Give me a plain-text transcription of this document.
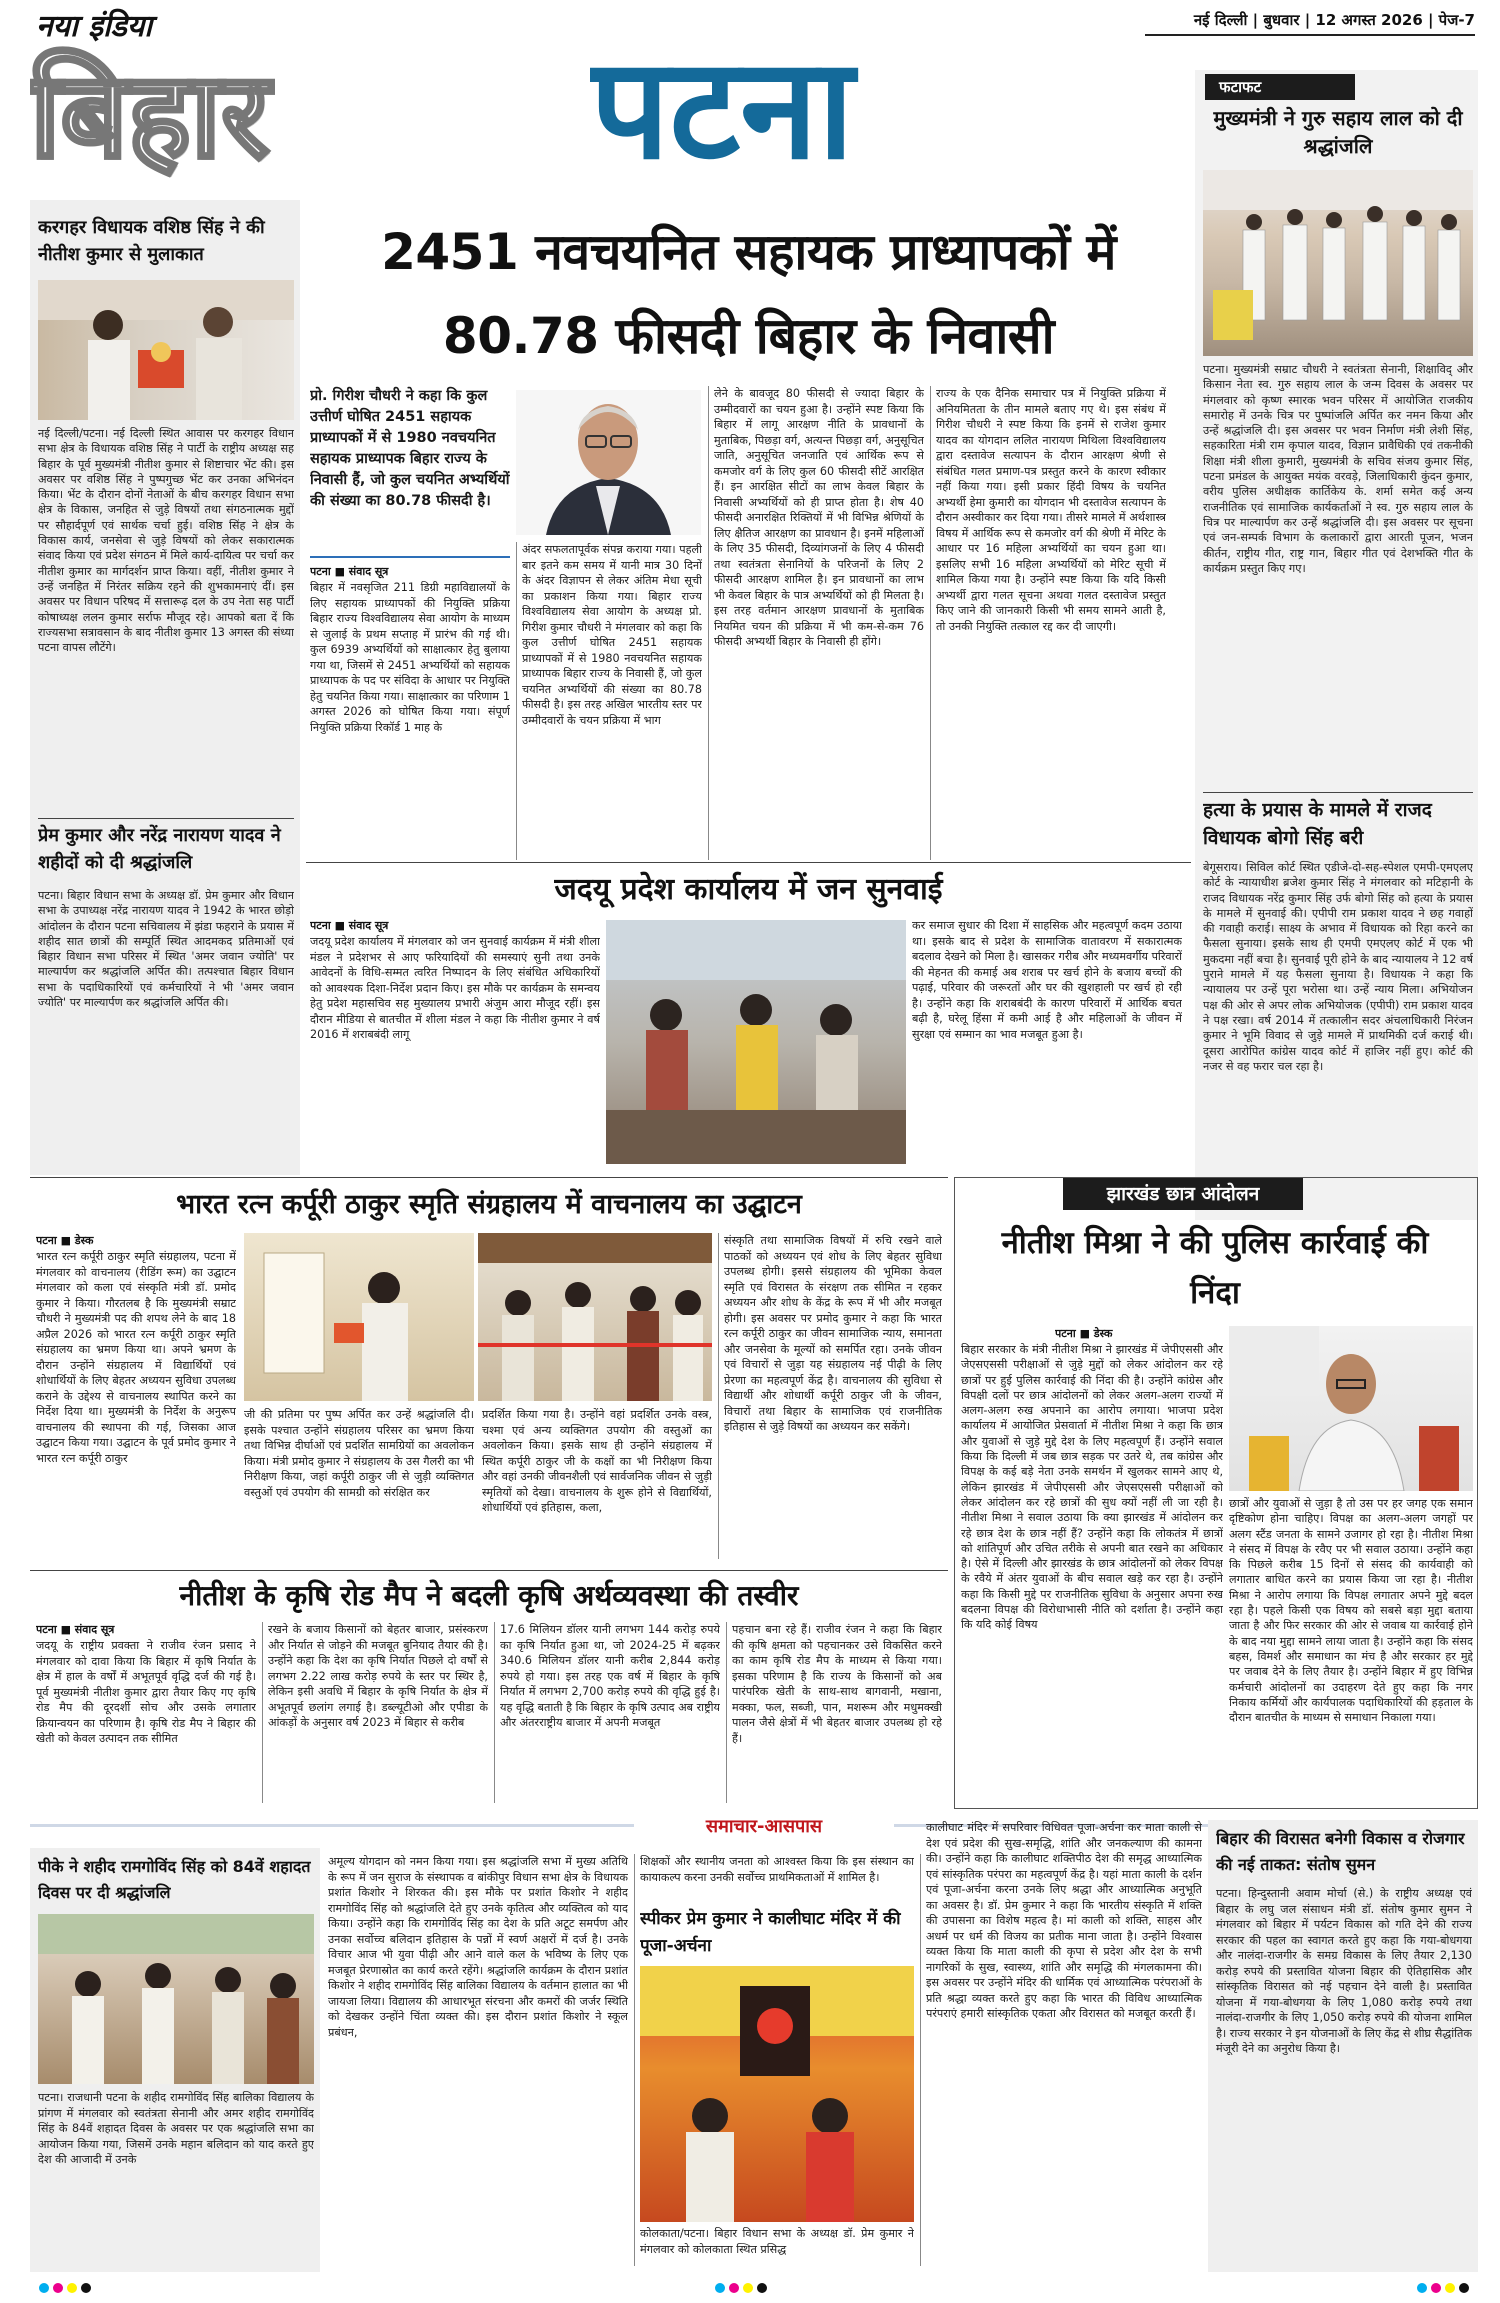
नया इंडिया
बिहार	पटना
नई दिल्ली | बुधवार | 12 अगस्त 2026 | पेज-7
फटाफट
मुख्यमंत्री ने गुरु सहाय लाल को दी श्रद्धांजलि
पटना। मुख्यमंत्री सम्राट चौधरी ने स्वतंत्रता सेनानी, शिक्षाविद् और किसान नेता स्व. गुरु सहाय लाल के जन्म दिवस के अवसर पर मंगलवार को कृष्ण स्मारक भवन परिसर में आयोजित राजकीय समारोह में उनके चित्र पर पुष्पांजलि अर्पित कर नमन किया और उन्हें श्रद्धांजलि दी। इस अवसर पर भवन निर्माण मंत्री लेशी सिंह, सहकारिता मंत्री राम कृपाल यादव, विज्ञान प्रावैधिकी एवं तकनीकी शिक्षा मंत्री शीला कुमारी, मुख्यमंत्री के सचिव संजय कुमार सिंह, पटना प्रमंडल के आयुक्त मयंक वरवड़े, जिलाधिकारी कुंदन कुमार, वरीय पुलिस अधीक्षक कार्तिकेय के. शर्मा समेत कई अन्य राजनीतिक एवं सामाजिक कार्यकर्ताओं ने स्व. गुरु सहाय लाल के चित्र पर माल्यार्पण कर उन्हें श्रद्धांजलि दी। इस अवसर पर सूचना एवं जन-सम्पर्क विभाग के कलाकारों द्वारा आरती पूजन, भजन कीर्तन, राष्ट्रीय गीत, राष्ट्र गान, बिहार गीत एवं देशभक्ति गीत के कार्यक्रम प्रस्तुत किए गए।
हत्या के प्रयास के मामले में राजद विधायक बोगो सिंह बरी
बेगूसराय। सिविल कोर्ट स्थित एडीजे-दो-सह-स्पेशल एमपी-एमएलए कोर्ट के न्यायाधीश ब्रजेश कुमार सिंह ने मंगलवार को मटिहानी के राजद विधायक नरेंद्र कुमार सिंह उर्फ बोगो सिंह को हत्या के प्रयास के मामले में सुनवाई की। एपीपी राम प्रकाश यादव ने छह गवाहों की गवाही कराई। साक्ष्य के अभाव में विधायक को रिहा करने का फैसला सुनाया। इसके साथ ही एमपी एमएलए कोर्ट में एक भी मुकदमा नहीं बचा है। सुनवाई पूरी होने के बाद न्यायालय ने 12 वर्ष पुराने मामले में यह फैसला सुनाया है। विधायक ने कहा कि न्यायालय पर उन्हें पूरा भरोसा था। उन्हें न्याय मिला। अभियोजन पक्ष की ओर से अपर लोक अभियोजक (एपीपी) राम प्रकाश यादव ने पक्ष रखा। वर्ष 2014 में तत्कालीन सदर अंचलाधिकारी निरंजन कुमार ने भूमि विवाद से जुड़े मामले में प्राथमिकी दर्ज कराई थी। दूसरा आरोपित कांग्रेस यादव कोर्ट में हाजिर नहीं हुए। कोर्ट की नजर से वह फरार चल रहा है।
करगहर विधायक वशिष्ठ सिंह ने की नीतीश कुमार से मुलाकात
नई दिल्ली/पटना। नई दिल्ली स्थित आवास पर करगहर विधान सभा क्षेत्र के विधायक वशिष्ठ सिंह ने पार्टी के राष्ट्रीय अध्यक्ष सह बिहार के पूर्व मुख्यमंत्री नीतीश कुमार से शिष्टाचार भेंट की। इस अवसर पर वशिष्ठ सिंह ने पुष्पगुच्छ भेंट कर उनका अभिनंदन किया। भेंट के दौरान दोनों नेताओं के बीच करगहर विधान सभा क्षेत्र के विकास, जनहित से जुड़े विषयों तथा संगठनात्मक मुद्दों पर सौहार्दपूर्ण एवं सार्थक चर्चा हुई। वशिष्ठ सिंह ने क्षेत्र के विकास कार्य, जनसेवा से जुड़े विषयों को लेकर सकारात्मक संवाद किया एवं प्रदेश संगठन में मिले कार्य-दायित्व पर चर्चा कर नीतीश कुमार का मार्गदर्शन प्राप्त किया। वहीं, नीतीश कुमार ने उन्हें जनहित में निरंतर सक्रिय रहने की शुभकामनाएं दीं। इस अवसर पर विधान परिषद में सत्तारूढ़ दल के उप नेता सह पार्टी कोषाध्यक्ष ललन कुमार सर्राफ मौजूद रहे। आपको बता दें कि राज्यसभा सत्रावसान के बाद नीतीश कुमार 13 अगस्त की संध्या पटना वापस लौटेंगे।
प्रेम कुमार और नरेंद्र नारायण यादव ने शहीदों को दी श्रद्धांजलि
पटना। बिहार विधान सभा के अध्यक्ष डॉ. प्रेम कुमार और विधान सभा के उपाध्यक्ष नरेंद्र नारायण यादव ने 1942 के भारत छोड़ो आंदोलन के दौरान पटना सचिवालय में झंडा फहराने के प्रयास में शहीद सात छात्रों की सम्पूर्ति स्थित आदमकद प्रतिमाओं एवं बिहार विधान सभा परिसर में स्थित 'अमर जवान ज्योति' पर माल्यार्पण कर श्रद्धांजलि अर्पित की। तत्पश्चात बिहार विधान सभा के पदाधिकारियों एवं कर्मचारियों ने भी 'अमर जवान ज्योति' पर माल्यार्पण कर श्रद्धांजलि अर्पित की।
2451 नवचयनित सहायक प्राध्यापकों में 80.78 फीसदी बिहार के निवासी
प्रो. गिरीश चौधरी ने कहा कि कुल उत्तीर्ण घोषित 2451 सहायक प्राध्यापकों में से 1980 नवचयनित सहायक प्राध्यापक बिहार राज्य के निवासी हैं, जो कुल चयनित अभ्यर्थियों की संख्या का 80.78 फीसदी है।
पटना ■ संवाद सूत्र
बिहार में नवसृजित 211 डिग्री महाविद्यालयों के लिए सहायक प्राध्यापकों की नियुक्ति प्रक्रिया बिहार राज्य विश्वविद्यालय सेवा आयोग के माध्यम से जुलाई के प्रथम सप्ताह में प्रारंभ की गई थी। कुल 6939 अभ्यर्थियों को साक्षात्कार हेतु बुलाया गया था, जिसमें से 2451 अभ्यर्थियों को सहायक प्राध्यापक के पद पर संविदा के आधार पर नियुक्ति हेतु चयनित किया गया। साक्षात्कार का परिणाम 1 अगस्त 2026 को घोषित किया गया। संपूर्ण नियुक्ति प्रक्रिया रिकॉर्ड 1 माह के
अंदर सफलतापूर्वक संपन्न कराया गया। पहली बार इतने कम समय में यानी मात्र 30 दिनों के अंदर विज्ञापन से लेकर अंतिम मेधा सूची का प्रकाशन किया गया। बिहार राज्य विश्वविद्यालय सेवा आयोग के अध्यक्ष प्रो. गिरीश कुमार चौधरी ने मंगलवार को कहा कि कुल उत्तीर्ण घोषित 2451 सहायक प्राध्यापकों में से 1980 नवचयनित सहायक प्राध्यापक बिहार राज्य के निवासी हैं, जो कुल चयनित अभ्यर्थियों की संख्या का 80.78 फीसदी है। इस तरह अखिल भारतीय स्तर पर उम्मीदवारों के चयन प्रक्रिया में भाग
लेने के बावजूद 80 फीसदी से ज्यादा बिहार के उम्मीदवारों का चयन हुआ है। उन्होंने स्पष्ट किया कि बिहार में लागू आरक्षण नीति के प्रावधानों के मुताबिक, पिछड़ा वर्ग, अत्यन्त पिछड़ा वर्ग, अनुसूचित जाति, अनुसूचित जनजाति एवं आर्थिक रूप से कमजोर वर्ग के लिए कुल 60 फीसदी सीटें आरक्षित हैं। इन आरक्षित सीटों का लाभ केवल बिहार के निवासी अभ्यर्थियों को ही प्राप्त होता है। शेष 40 फीसदी अनारक्षित रिक्तियों में भी विभिन्न श्रेणियों के लिए क्षैतिज आरक्षण का प्रावधान है। इनमें महिलाओं के लिए 35 फीसदी, दिव्यांगजनों के लिए 4 फीसदी तथा स्वतंत्रता सेनानियों के परिजनों के लिए 2 फीसदी आरक्षण शामिल है। इन प्रावधानों का लाभ भी केवल बिहार के पात्र अभ्यर्थियों को ही मिलता है। इस तरह वर्तमान आरक्षण प्रावधानों के मुताबिक नियमित चयन की प्रक्रिया में भी कम-से-कम 76 फीसदी अभ्यर्थी बिहार के निवासी ही होंगे।
राज्य के एक दैनिक समाचार पत्र में नियुक्ति प्रक्रिया में अनियमितता के तीन मामले बताए गए थे। इस संबंध में गिरीश चौधरी ने स्पष्ट किया कि इनमें से राजेश कुमार यादव का योगदान ललित नारायण मिथिला विश्वविद्यालय द्वारा दस्तावेज सत्यापन के दौरान आरक्षण श्रेणी से संबंधित गलत प्रमाण-पत्र प्रस्तुत करने के कारण स्वीकार नहीं किया गया। इसी प्रकार हिंदी विषय के चयनित अभ्यर्थी हेमा कुमारी का योगदान भी दस्तावेज सत्यापन के दौरान अस्वीकार कर दिया गया। तीसरे मामले में अर्थशास्त्र विषय में आर्थिक रूप से कमजोर वर्ग की श्रेणी में मेरिट के आधार पर 16 महिला अभ्यर्थियों का चयन हुआ था। इसलिए सभी 16 महिला अभ्यर्थियों को मेरिट सूची में शामिल किया गया है। उन्होंने स्पष्ट किया कि यदि किसी अभ्यर्थी द्वारा गलत सूचना अथवा गलत दस्तावेज प्रस्तुत किए जाने की जानकारी किसी भी समय सामने आती है, तो उनकी नियुक्ति तत्काल रद्द कर दी जाएगी।
जदयू प्रदेश कार्यालय में जन सुनवाई
पटना ■ संवाद सूत्र
जदयू प्रदेश कार्यालय में मंगलवार को जन सुनवाई कार्यक्रम में मंत्री शीला मंडल ने प्रदेशभर से आए फरियादियों की समस्याएं सुनी तथा उनके आवेदनों के विधि-सम्मत त्वरित निष्पादन के लिए संबंधित अधिकारियों को आवश्यक दिशा-निर्देश प्रदान किए। इस मौके पर कार्यक्रम के समन्वय हेतु प्रदेश महासचिव सह मुख्यालय प्रभारी अंजुम आरा मौजूद रहीं। इस दौरान मीडिया से बातचीत में शीला मंडल ने कहा कि नीतीश कुमार ने वर्ष 2016 में शराबबंदी लागू
कर समाज सुधार की दिशा में साहसिक और महत्वपूर्ण कदम उठाया था। इसके बाद से प्रदेश के सामाजिक वातावरण में सकारात्मक बदलाव देखने को मिला है। खासकर गरीब और मध्यमवर्गीय परिवारों की मेहनत की कमाई अब शराब पर खर्च होने के बजाय बच्चों की पढ़ाई, परिवार की जरूरतों और घर की खुशहाली पर खर्च हो रही है। उन्होंने कहा कि शराबबंदी के कारण परिवारों में आर्थिक बचत बढ़ी है, घरेलू हिंसा में कमी आई है और महिलाओं के जीवन में सुरक्षा एवं सम्मान का भाव मजबूत हुआ है।
भारत रत्न कर्पूरी ठाकुर स्मृति संग्रहालय में वाचनालय का उद्घाटन
पटना ■ डेस्क
भारत रत्न कर्पूरी ठाकुर स्मृति संग्रहालय, पटना में मंगलवार को वाचनालय (रीडिंग रूम) का उद्घाटन मंगलवार को कला एवं संस्कृति मंत्री डॉ. प्रमोद कुमार ने किया। गौरतलब है कि मुख्यमंत्री सम्राट चौधरी ने मुख्यमंत्री पद की शपथ लेने के बाद 18 अप्रैल 2026 को भारत रत्न कर्पूरी ठाकुर स्मृति संग्रहालय का भ्रमण किया था। अपने भ्रमण के दौरान उन्होंने संग्रहालय में विद्यार्थियों एवं शोधार्थियों के लिए बेहतर अध्ययन सुविधा उपलब्ध कराने के उद्देश्य से वाचनालय स्थापित करने का निर्देश दिया था। मुख्यमंत्री के निर्देश के अनुरूप वाचनालय की स्थापना की गई, जिसका आज उद्घाटन किया गया। उद्घाटन के पूर्व प्रमोद कुमार ने भारत रत्न कर्पूरी ठाकुर
जी की प्रतिमा पर पुष्प अर्पित कर उन्हें श्रद्धांजलि दी। इसके पश्चात उन्होंने संग्रहालय परिसर का भ्रमण किया तथा विभिन्न दीर्घाओं एवं प्रदर्शित सामग्रियों का अवलोकन किया। मंत्री प्रमोद कुमार ने संग्रहालय के उस गैलरी का भी निरीक्षण किया, जहां कर्पूरी ठाकुर जी से जुड़ी व्यक्तिगत वस्तुओं एवं उपयोग की सामग्री को संरक्षित कर
प्रदर्शित किया गया है। उन्होंने वहां प्रदर्शित उनके वस्त्र, चश्मा एवं अन्य व्यक्तिगत उपयोग की वस्तुओं का अवलोकन किया। इसके साथ ही उन्होंने संग्रहालय में स्थित कर्पूरी ठाकुर जी के कक्षों का भी निरीक्षण किया और वहां उनकी जीवनशैली एवं सार्वजनिक जीवन से जुड़ी स्मृतियों को देखा। वाचनालय के शुरू होने से विद्यार्थियों, शोधार्थियों एवं इतिहास, कला,
संस्कृति तथा सामाजिक विषयों में रुचि रखने वाले पाठकों को अध्ययन एवं शोध के लिए बेहतर सुविधा उपलब्ध होगी। इससे संग्रहालय की भूमिका केवल स्मृति एवं विरासत के संरक्षण तक सीमित न रहकर अध्ययन और शोध के केंद्र के रूप में भी और मजबूत होगी। इस अवसर पर प्रमोद कुमार ने कहा कि भारत रत्न कर्पूरी ठाकुर का जीवन सामाजिक न्याय, समानता और जनसेवा के मूल्यों को समर्पित रहा। उनके जीवन एवं विचारों से जुड़ा यह संग्रहालय नई पीढ़ी के लिए प्रेरणा का महत्वपूर्ण केंद्र है। वाचनालय की सुविधा से विद्यार्थी और शोधार्थी कर्पूरी ठाकुर जी के जीवन, विचारों तथा बिहार के सामाजिक एवं राजनीतिक इतिहास से जुड़े विषयों का अध्ययन कर सकेंगे।
झारखंड छात्र आंदोलन
नीतीश मिश्रा ने की पुलिस कार्रवाई की निंदा
पटना ■ डेस्क
बिहार सरकार के मंत्री नीतीश मिश्रा ने झारखंड में जेपीएससी और जेएसएससी परीक्षाओं से जुड़े मुद्दों को लेकर आंदोलन कर रहे छात्रों पर हुई पुलिस कार्रवाई की निंदा की है। उन्होंने कांग्रेस और विपक्षी दलों पर छात्र आंदोलनों को लेकर अलग-अलग राज्यों में अलग-अलग रुख अपनाने का आरोप लगाया। भाजपा प्रदेश कार्यालय में आयोजित प्रेसवार्ता में नीतीश मिश्रा ने कहा कि छात्र और युवाओं से जुड़े मुद्दे देश के लिए महत्वपूर्ण हैं। उन्होंने सवाल किया कि दिल्ली में जब छात्र सड़क पर उतरे थे, तब कांग्रेस और विपक्ष के कई बड़े नेता उनके समर्थन में खुलकर सामने आए थे, लेकिन झारखंड में जेपीएससी और जेएसएससी परीक्षाओं को लेकर आंदोलन कर रहे छात्रों की सुध क्यों नहीं ली जा रही है। नीतीश मिश्रा ने सवाल उठाया कि क्या झारखंड में आंदोलन कर रहे छात्र देश के छात्र नहीं हैं? उन्होंने कहा कि लोकतंत्र में छात्रों को शांतिपूर्ण और उचित तरीके से अपनी बात रखने का अधिकार है। ऐसे में दिल्ली और झारखंड के छात्र आंदोलनों को लेकर विपक्ष के रवैये में अंतर युवाओं के बीच सवाल खड़े कर रहा है। उन्होंने कहा कि किसी मुद्दे पर राजनीतिक सुविधा के अनुसार अपना रुख बदलना विपक्ष की विरोधाभासी नीति को दर्शाता है। उन्होंने कहा कि यदि कोई विषय
छात्रों और युवाओं से जुड़ा है तो उस पर हर जगह एक समान दृष्टिकोण होना चाहिए। विपक्ष का अलग-अलग जगहों पर अलग स्टैंड जनता के सामने उजागर हो रहा है। नीतीश मिश्रा ने संसद में विपक्ष के रवैए पर भी सवाल उठाया। उन्होंने कहा कि पिछले करीब 15 दिनों से संसद की कार्यवाही को लगातार बाधित करने का प्रयास किया जा रहा है। नीतीश मिश्रा ने आरोप लगाया कि विपक्ष लगातार अपने मुद्दे बदल रहा है। पहले किसी एक विषय को सबसे बड़ा मुद्दा बताया जाता है और फिर सरकार की ओर से जवाब या कार्रवाई होने के बाद नया मुद्दा सामने लाया जाता है। उन्होंने कहा कि संसद बहस, विमर्श और समाधान का मंच है और सरकार हर मुद्दे पर जवाब देने के लिए तैयार है। उन्होंने बिहार में हुए विभिन्न कर्मचारी आंदोलनों का उदाहरण देते हुए कहा कि नगर निकाय कर्मियों और कार्यपालक पदाधिकारियों की हड़ताल के दौरान बातचीत के माध्यम से समाधान निकाला गया।
नीतीश के कृषि रोड मैप ने बदली कृषि अर्थव्यवस्था की तस्वीर
पटना ■ संवाद सूत्र
जदयू के राष्ट्रीय प्रवक्ता ने राजीव रंजन प्रसाद ने मंगलवार को दावा किया कि बिहार में कृषि निर्यात के क्षेत्र में हाल के वर्षों में अभूतपूर्व वृद्धि दर्ज की गई है। पूर्व मुख्यमंत्री नीतीश कुमार द्वारा तैयार किए गए कृषि रोड मैप की दूरदर्शी सोच और उसके लगातार क्रियान्वयन का परिणाम है। कृषि रोड मैप ने बिहार की खेती को केवल उत्पादन तक सीमित
रखने के बजाय किसानों को बेहतर बाजार, प्रसंस्करण और निर्यात से जोड़ने की मजबूत बुनियाद तैयार की है। उन्होंने कहा कि देश का कृषि निर्यात पिछले दो वर्षों से लगभग 2.22 लाख करोड़ रुपये के स्तर पर स्थिर है, लेकिन इसी अवधि में बिहार के कृषि निर्यात के क्षेत्र में अभूतपूर्व छलांग लगाई है। डब्ल्यूटीओ और एपीडा के आंकड़ों के अनुसार वर्ष 2023 में बिहार से करीब
17.6 मिलियन डॉलर यानी लगभग 144 करोड़ रुपये का कृषि निर्यात हुआ था, जो 2024-25 में बढ़कर 340.6 मिलियन डॉलर यानी करीब 2,844 करोड़ रुपये हो गया। इस तरह एक वर्ष में बिहार के कृषि निर्यात में लगभग 2,700 करोड़ रुपये की वृद्धि हुई है। यह वृद्धि बताती है कि बिहार के कृषि उत्पाद अब राष्ट्रीय और अंतरराष्ट्रीय बाजार में अपनी मजबूत
पहचान बना रहे हैं। राजीव रंजन ने कहा कि बिहार की कृषि क्षमता को पहचानकर उसे विकसित करने का काम कृषि रोड मैप के माध्यम से किया गया। इसका परिणाम है कि राज्य के किसानों को अब पारंपरिक खेती के साथ-साथ बागवानी, मखाना, मक्का, फल, सब्जी, पान, मशरूम और मधुमक्खी पालन जैसे क्षेत्रों में भी बेहतर बाजार उपलब्ध हो रहे हैं।
समाचार-आसपास
पीके ने शहीद रामगोविंद सिंह को 84वें शहादत दिवस पर दी श्रद्धांजलि
पटना। राजधानी पटना के शहीद रामगोविंद सिंह बालिका विद्यालय के प्रांगण में मंगलवार को स्वतंत्रता सेनानी और अमर शहीद रामगोविंद सिंह के 84वें शहादत दिवस के अवसर पर एक श्रद्धांजलि सभा का आयोजन किया गया, जिसमें उनके महान बलिदान को याद करते हुए देश की आजादी में उनके
अमूल्य योगदान को नमन किया गया। इस श्रद्धांजलि सभा में मुख्य अतिथि के रूप में जन सुराज के संस्थापक व बांकीपुर विधान सभा क्षेत्र के विधायक प्रशांत किशोर ने शिरकत की। इस मौके पर प्रशांत किशोर ने शहीद रामगोविंद सिंह को श्रद्धांजलि देते हुए उनके कृतित्व और व्यक्तित्व को याद किया। उन्होंने कहा कि रामगोविंद सिंह का देश के प्रति अटूट समर्पण और उनका सर्वोच्च बलिदान इतिहास के पन्नों में स्वर्ण अक्षरों में दर्ज है। उनके विचार आज भी युवा पीढ़ी और आने वाले कल के भविष्य के लिए एक मजबूत प्रेरणास्रोत का कार्य करते रहेंगे। श्रद्धांजलि कार्यक्रम के दौरान प्रशांत किशोर ने शहीद रामगोविंद सिंह बालिका विद्यालय के वर्तमान हालात का भी जायजा लिया। विद्यालय की आधारभूत संरचना और कमरों की जर्जर स्थिति को देखकर उन्होंने चिंता व्यक्त की। इस दौरान प्रशांत किशोर ने स्कूल प्रबंधन,
शिक्षकों और स्थानीय जनता को आश्वस्त किया कि इस संस्थान का कायाकल्प करना उनकी सर्वोच्च प्राथमिकताओं में शामिल है।
स्पीकर प्रेम कुमार ने कालीघाट मंदिर में की पूजा-अर्चना
कोलकाता/पटना। बिहार विधान सभा के अध्यक्ष डॉ. प्रेम कुमार ने मंगलवार को कोलकाता स्थित प्रसिद्ध
कालीघाट मंदिर में सपरिवार विधिवत पूजा-अर्चना कर माता काली से देश एवं प्रदेश की सुख-समृद्धि, शांति और जनकल्याण की कामना की। उन्होंने कहा कि कालीघाट शक्तिपीठ देश की समृद्ध आध्यात्मिक एवं सांस्कृतिक परंपरा का महत्वपूर्ण केंद्र है। यहां माता काली के दर्शन एवं पूजा-अर्चना करना उनके लिए श्रद्धा और आध्यात्मिक अनुभूति का अवसर है। डॉ. प्रेम कुमार ने कहा कि भारतीय संस्कृति में शक्ति की उपासना का विशेष महत्व है। मां काली को शक्ति, साहस और अधर्म पर धर्म की विजय का प्रतीक माना जाता है। उन्होंने विश्वास व्यक्त किया कि माता काली की कृपा से प्रदेश और देश के सभी नागरिकों के सुख, स्वास्थ्य, शांति और समृद्धि की मंगलकामना की। इस अवसर पर उन्होंने मंदिर की धार्मिक एवं आध्यात्मिक परंपराओं के प्रति श्रद्धा व्यक्त करते हुए कहा कि भारत की विविध आध्यात्मिक परंपराएं हमारी सांस्कृतिक एकता और विरासत को मजबूत करती हैं।
बिहार की विरासत बनेगी विकास व रोजगार की नई ताकत: संतोष सुमन
पटना। हिन्दुस्तानी अवाम मोर्चा (से.) के राष्ट्रीय अध्यक्ष एवं बिहार के लघु जल संसाधन मंत्री डॉ. संतोष कुमार सुमन ने मंगलवार को बिहार में पर्यटन विकास को गति देने की राज्य सरकार की पहल का स्वागत करते हुए कहा कि गया-बोधगया और नालंदा-राजगीर के समग्र विकास के लिए तैयार 2,130 करोड़ रुपये की प्रस्तावित योजना बिहार की ऐतिहासिक और सांस्कृतिक विरासत को नई पहचान देने वाली है। प्रस्तावित योजना में गया-बोधगया के लिए 1,080 करोड़ रुपये तथा नालंदा-राजगीर के लिए 1,050 करोड़ रुपये की योजना शामिल है। राज्य सरकार ने इन योजनाओं के लिए केंद्र से शीघ्र सैद्धांतिक मंजूरी देने का अनुरोध किया है।
